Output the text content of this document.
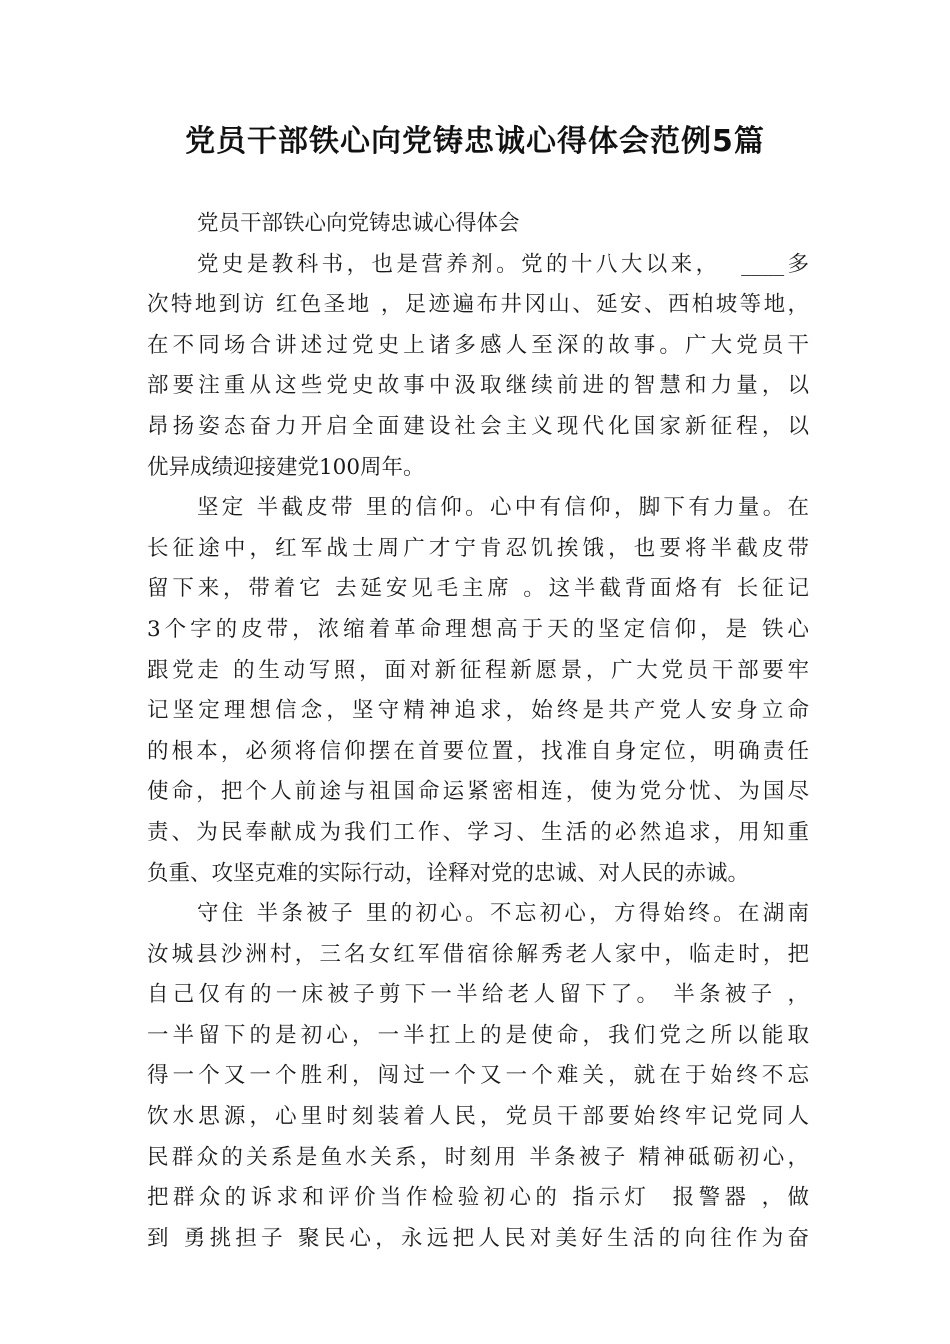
党员干部铁心向党铸忠诚心得体会范例5篇
党员干部铁心向党铸忠诚心得体会
党史是教科书，也是营养剂。党的十八大以来，  ____多
次特地到访 红色圣地 ，足迹遍布井冈山、延安、西柏坡等地，
在不同场合讲述过党史上诸多感人至深的故事。广大党员干
部要注重从这些党史故事中汲取继续前进的智慧和力量，以
昂扬姿态奋力开启全面建设社会主义现代化国家新征程，以
优异成绩迎接建党100周年。
坚定 半截皮带 里的信仰。心中有信仰，脚下有力量。在
长征途中，红军战士周广才宁肯忍饥挨饿，也要将半截皮带
留下来，带着它 去延安见毛主席 。这半截背面烙有 长征记
3个字的皮带，浓缩着革命理想高于天的坚定信仰，是 铁心
跟党走 的生动写照，面对新征程新愿景，广大党员干部要牢
记坚定理想信念，坚守精神追求，始终是共产党人安身立命
的根本，必须将信仰摆在首要位置，找准自身定位，明确责任
使命，把个人前途与祖国命运紧密相连，使为党分忧、为国尽
责、为民奉献成为我们工作、学习、生活的必然追求，用知重
负重、攻坚克难的实际行动，诠释对党的忠诚、对人民的赤诚。
守住 半条被子 里的初心。不忘初心，方得始终。在湖南
汝城县沙洲村，三名女红军借宿徐解秀老人家中，临走时，把
自己仅有的一床被子剪下一半给老人留下了。 半条被子 ，
一半留下的是初心，一半扛上的是使命，我们党之所以能取
得一个又一个胜利，闯过一个又一个难关，就在于始终不忘
饮水思源，心里时刻装着人民，党员干部要始终牢记党同人
民群众的关系是鱼水关系，时刻用 半条被子 精神砥砺初心，
把群众的诉求和评价当作检验初心的 指示灯  报警器 ，做
到 勇挑担子 聚民心，永远把人民对美好生活的向往作为奋
